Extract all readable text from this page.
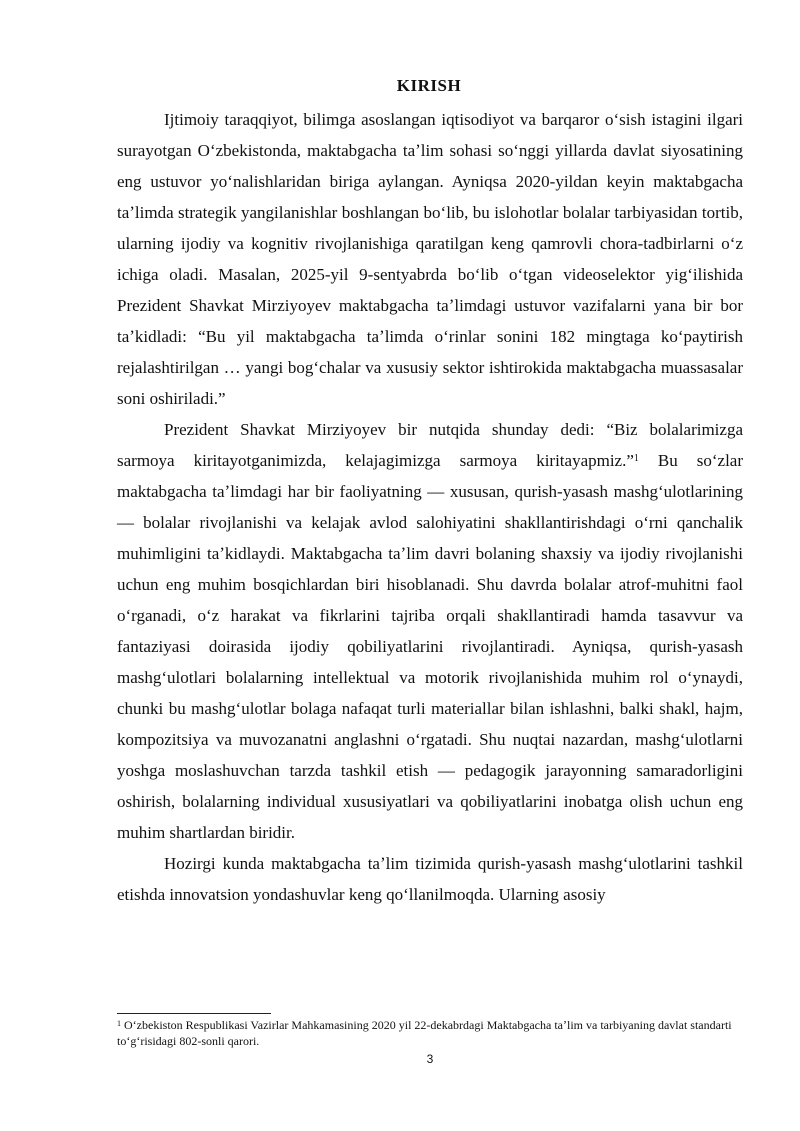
KIRISH

Ijtimoiy taraqqiyot, bilimga asoslangan iqtisodiyot va barqaror oʻsish istagini ilgari surayotgan Oʻzbekistonda, maktabgacha taʼlim sohasi soʻnggi yillarda davlat siyosatining eng ustuvor yoʻnalishlaridan biriga aylangan. Ayniqsa 2020-yildan keyin maktabgacha taʼlimda strategik yangilanishlar boshlangan boʻlib, bu islohotlar bolalar tarbiyasidan tortib, ularning ijodiy va kognitiv rivojlanishiga qaratilgan keng qamrovli chora-tadbirlarni oʻz ichiga oladi. Masalan, 2025-yil 9-sentyabrda boʻlib oʻtgan videoselektor yigʻilishida Prezident Shavkat Mirziyoyev maktabgacha taʼlimdagi ustuvor vazifalarni yana bir bor taʼkidladi: “Bu yil maktabgacha taʼlimda oʻrinlar sonini 182 mingtaga koʻpaytirish rejalashtirilgan … yangi bogʻchalar va xususiy sektor ishtirokida maktabgacha muassasalar soni oshiriladi.”

Prezident Shavkat Mirziyoyev bir nutqida shunday dedi: “Biz bolalarimizga sarmoya kiritayotganimizda, kelajagimizga sarmoya kiritayapmiz.”$^1$ Bu soʻzlar maktabgacha taʼlimdagi har bir faoliyatning — xususan, qurish-yasash mashgʻulotlarining — bolalar rivojlanishi va kelajak avlod salohiyatini shakllantirishdagi oʻrni qanchalik muhimligini taʼkidlaydi. Maktabgacha taʼlim davri bolaning shaxsiy va ijodiy rivojlanishi uchun eng muhim bosqichlardan biri hisoblanadi. Shu davrda bolalar atrof-muhitni faol oʻrganadi, oʻz harakat va fikrlarini tajriba orqali shakllantiradi hamda tasavvur va fantaziyasi doirasida ijodiy qobiliyatlarini rivojlantiradi. Ayniqsa, qurish-yasash mashgʻulotlari bolalarning intellektual va motorik rivojlanishida muhim rol oʻynaydi, chunki bu mashgʻulotlar bolaga nafaqat turli materiallar bilan ishlashni, balki shakl, hajm, kompozitsiya va muvozanatni anglashni oʻrgatadi. Shu nuqtai nazardan, mashgʻulotlarni yoshga moslashuvchan tarzda tashkil etish — pedagogik jarayonning samaradorligini oshirish, bolalarning individual xususiyatlari va qobiliyatlarini inobatga olish uchun eng muhim shartlardan biridir.

Hozirgi kunda maktabgacha taʼlim tizimida qurish-yasash mashgʻulotlarini tashkil etishda innovatsion yondashuvlar keng qoʻllanilmoqda. Ularning asosiy

$^1$ Oʻzbekiston Respublikasi Vazirlar Mahkamasining 2020 yil 22-dekabrdagi Maktabgacha taʼlim va tarbiyaning davlat standarti toʻgʻrisidagi 802-sonli qarori.
3
